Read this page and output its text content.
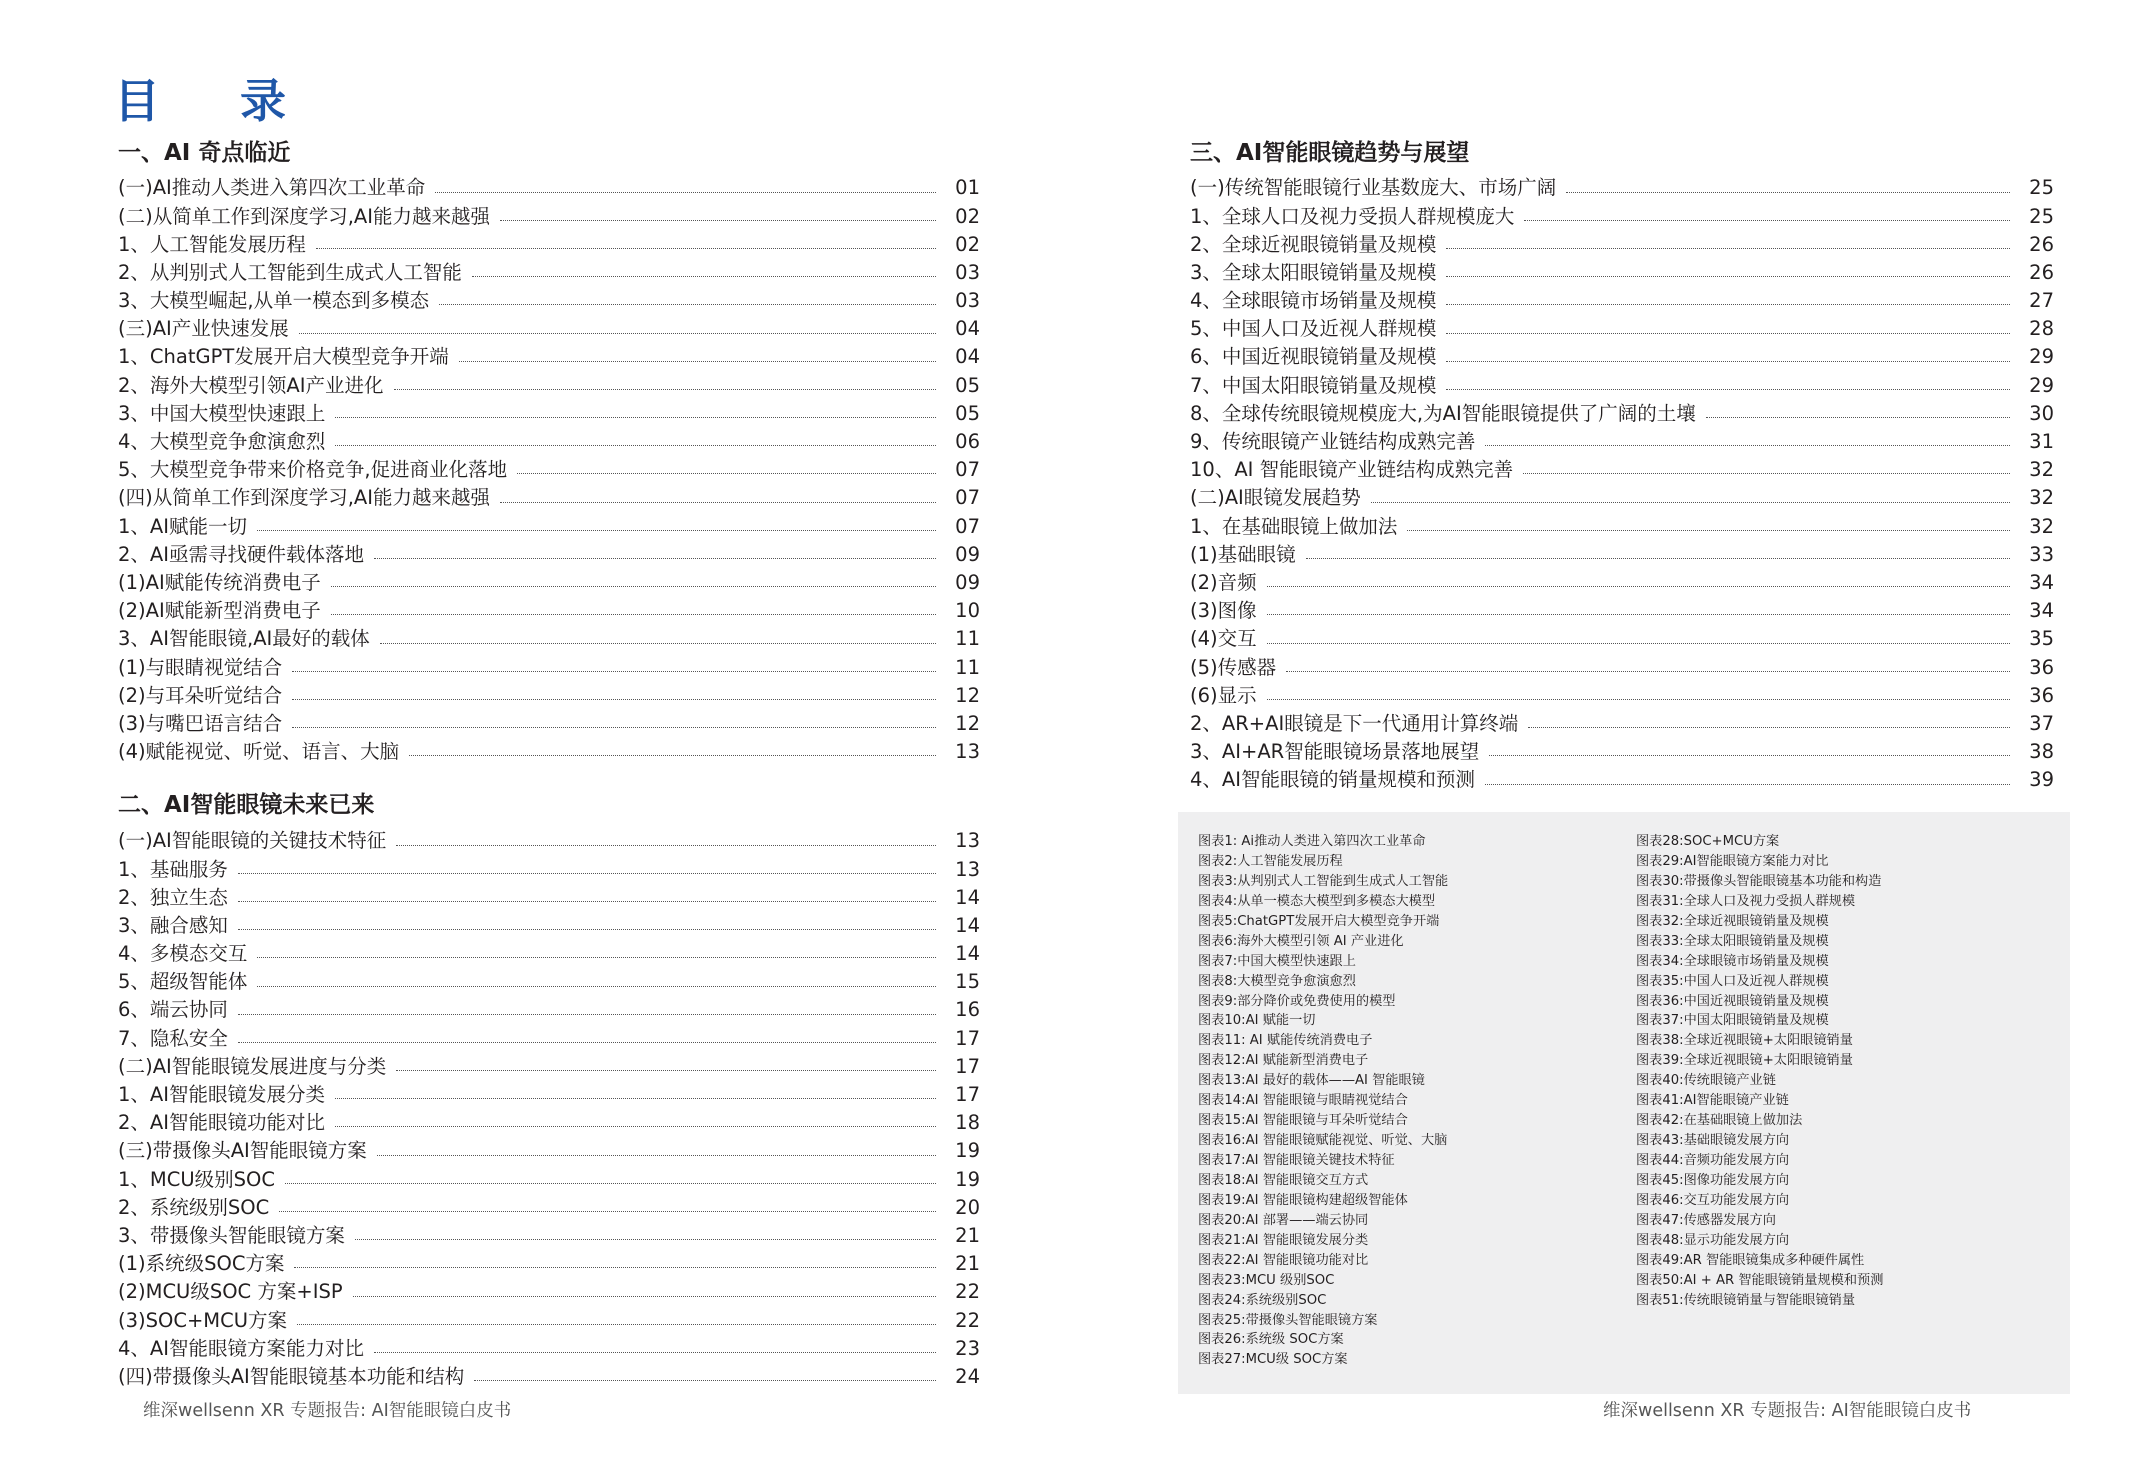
目 录
一、AI 奇点临近
(一)AI推动人类进入第四次工业革命	01
(二)从简单工作到深度学习,AI能力越来越强	02
1、人工智能发展历程	02
2、从判别式人工智能到生成式人工智能	03
3、大模型崛起,从单一模态到多模态	03
(三)AI产业快速发展	04
1、ChatGPT发展开启大模型竞争开端	04
2、海外大模型引领AI产业进化	05
3、中国大模型快速跟上	05
4、大模型竞争愈演愈烈	06
5、大模型竞争带来价格竞争,促进商业化落地	07
(四)从简单工作到深度学习,AI能力越来越强	07
1、AI赋能一切	07
2、AI亟需寻找硬件载体落地	09
(1)AI赋能传统消费电子	09
(2)AI赋能新型消费电子	10
3、AI智能眼镜,AI最好的载体	11
(1)与眼睛视觉结合	11
(2)与耳朵听觉结合	12
(3)与嘴巴语言结合	12
(4)赋能视觉、听觉、语言、大脑	13
二、AI智能眼镜未来已来
(一)AI智能眼镜的关键技术特征	13
1、基础服务	13
2、独立生态	14
3、融合感知	14
4、多模态交互	14
5、超级智能体	15
6、端云协同	16
7、隐私安全	17
(二)AI智能眼镜发展进度与分类	17
1、AI智能眼镜发展分类	17
2、AI智能眼镜功能对比	18
(三)带摄像头AI智能眼镜方案	19
1、MCU级别SOC	19
2、系统级别SOC	20
3、带摄像头智能眼镜方案	21
(1)系统级SOC方案	21
(2)MCU级SOC 方案+ISP	22
(3)SOC+MCU方案	22
4、AI智能眼镜方案能力对比	23
(四)带摄像头AI智能眼镜基本功能和结构	24

维深wellsenn XR 专题报告: AI智能眼镜白皮书

三、AI智能眼镜趋势与展望
(一)传统智能眼镜行业基数庞大、市场广阔	25
1、全球人口及视力受损人群规模庞大	25
2、全球近视眼镜销量及规模	26
3、全球太阳眼镜销量及规模	26
4、全球眼镜市场销量及规模	27
5、中国人口及近视人群规模	28
6、中国近视眼镜销量及规模	29
7、中国太阳眼镜销量及规模	29
8、全球传统眼镜规模庞大,为AI智能眼镜提供了广阔的土壤	30
9、传统眼镜产业链结构成熟完善	31
10、AI 智能眼镜产业链结构成熟完善	32
(二)AI眼镜发展趋势	32
1、在基础眼镜上做加法	32
(1)基础眼镜	33
(2)音频	34
(3)图像	34
(4)交互	35
(5)传感器	36
(6)显示	36
2、AR+AI眼镜是下一代通用计算终端	37
3、AI+AR智能眼镜场景落地展望	38
4、AI智能眼镜的销量规模和预测	39
图表1: Ai推动人类进入第四次工业革命
图表2:人工智能发展历程
图表3:从判别式人工智能到生成式人工智能
图表4:从单一模态大模型到多模态大模型
图表5:ChatGPT发展开启大模型竞争开端
图表6:海外大模型引领 AI 产业进化
图表7:中国大模型快速跟上
图表8:大模型竞争愈演愈烈
图表9:部分降价或免费使用的模型
图表10:AI 赋能一切
图表11: AI 赋能传统消费电子
图表12:AI 赋能新型消费电子
图表13:AI 最好的载体——AI 智能眼镜
图表14:AI 智能眼镜与眼睛视觉结合
图表15:AI 智能眼镜与耳朵听觉结合
图表16:AI 智能眼镜赋能视觉、听觉、大脑
图表17:AI 智能眼镜关键技术特征
图表18:AI 智能眼镜交互方式
图表19:AI 智能眼镜构建超级智能体
图表20:AI 部署——端云协同
图表21:AI 智能眼镜发展分类
图表22:AI 智能眼镜功能对比
图表23:MCU 级别SOC
图表24:系统级别SOC
图表25:带摄像头智能眼镜方案
图表26:系统级 SOC方案
图表27:MCU级 SOC方案
图表28:SOC+MCU方案
图表29:AI智能眼镜方案能力对比
图表30:带摄像头智能眼镜基本功能和构造
图表31:全球人口及视力受损人群规模
图表32:全球近视眼镜销量及规模
图表33:全球太阳眼镜销量及规模
图表34:全球眼镜市场销量及规模
图表35:中国人口及近视人群规模
图表36:中国近视眼镜销量及规模
图表37:中国太阳眼镜销量及规模
图表38:全球近视眼镜+太阳眼镜销量
图表39:全球近视眼镜+太阳眼镜销量
图表40:传统眼镜产业链
图表41:AI智能眼镜产业链
图表42:在基础眼镜上做加法
图表43:基础眼镜发展方向
图表44:音频功能发展方向
图表45:图像功能发展方向
图表46:交互功能发展方向
图表47:传感器发展方向
图表48:显示功能发展方向
图表49:AR 智能眼镜集成多种硬件属性
图表50:AI + AR 智能眼镜销量规模和预测
图表51:传统眼镜销量与智能眼镜销量

维深wellsenn XR 专题报告: AI智能眼镜白皮书
